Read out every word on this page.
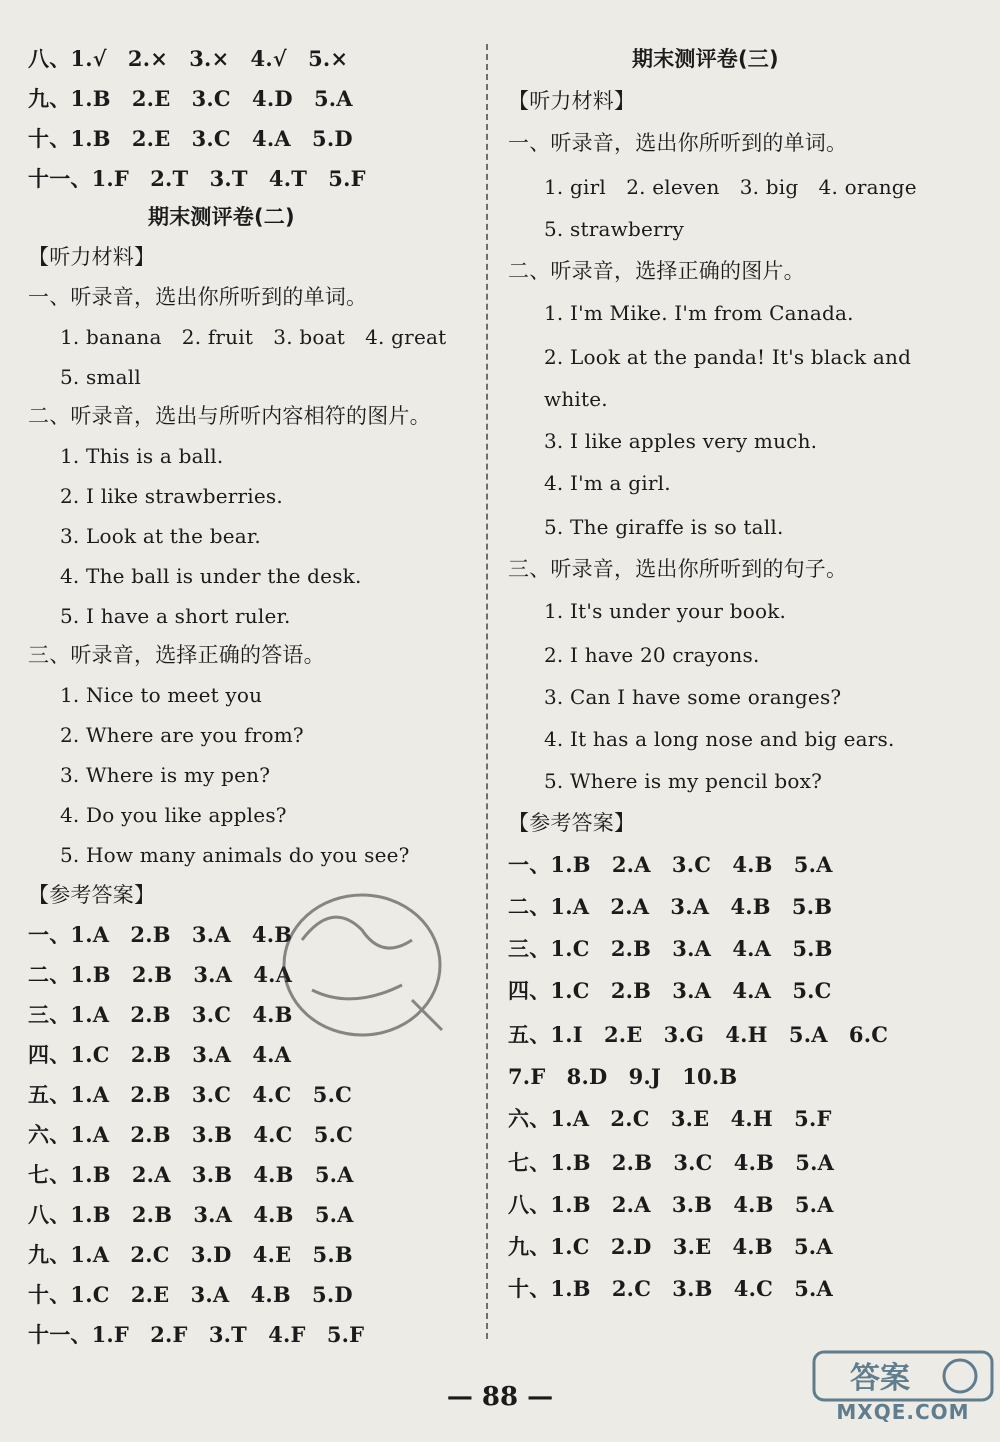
八、1.√　2.×　3.×　4.√　5.×
九、1.B　2.E　3.C　4.D　5.A
十、1.B　2.E　3.C　4.A　5.D
十一、1.F　2.T　3.T　4.T　5.F
期末测评卷(二)
【听力材料】
一、听录音，选出你所听到的单词。
1. banana　2. fruit　3. boat　4. great
5. small
二、听录音，选出与所听内容相符的图片。
1. This is a ball.
2. I like strawberries.
3. Look at the bear.
4. The ball is under the desk.
5. I have a short ruler.
三、听录音，选择正确的答语。
1. Nice to meet you
2. Where are you from?
3. Where is my pen?
4. Do you like apples?
5. How many animals do you see?
【参考答案】
一、1.A　2.B　3.A　4.B
二、1.B　2.B　3.A　4.A
三、1.A　2.B　3.C　4.B
四、1.C　2.B　3.A　4.A
五、1.A　2.B　3.C　4.C　5.C
六、1.A　2.B　3.B　4.C　5.C
七、1.B　2.A　3.B　4.B　5.A
八、1.B　2.B　3.A　4.B　5.A
九、1.A　2.C　3.D　4.E　5.B
十、1.C　2.E　3.A　4.B　5.D
十一、1.F　2.F　3.T　4.F　5.F
期末测评卷(三)
【听力材料】
一、听录音，选出你所听到的单词。
1. girl　2. eleven　3. big　4. orange
5. strawberry
二、听录音，选择正确的图片。
1. I'm Mike. I'm from Canada.
2. Look at the panda! It's black and
white.
3. I like apples very much.
4. I'm a girl.
5. The giraffe is so tall.
三、听录音，选出你所听到的句子。
1. It's under your book.
2. I have 20 crayons.
3. Can I have some oranges?
4. It has a long nose and big ears.
5. Where is my pencil box?
【参考答案】
一、1.B　2.A　3.C　4.B　5.A
二、1.A　2.A　3.A　4.B　5.B
三、1.C　2.B　3.A　4.A　5.B
四、1.C　2.B　3.A　4.A　5.C
五、1.I　2.E　3.G　4.H　5.A　6.C
7.F　8.D　9.J　10.B
六、1.A　2.C　3.E　4.H　5.F
七、1.B　2.B　3.C　4.B　5.A
八、1.B　2.A　3.B　4.B　5.A
九、1.C　2.D　3.E　4.B　5.A
十、1.B　2.C　3.B　4.C　5.A
— 88 —
答案
MXQE.COM
